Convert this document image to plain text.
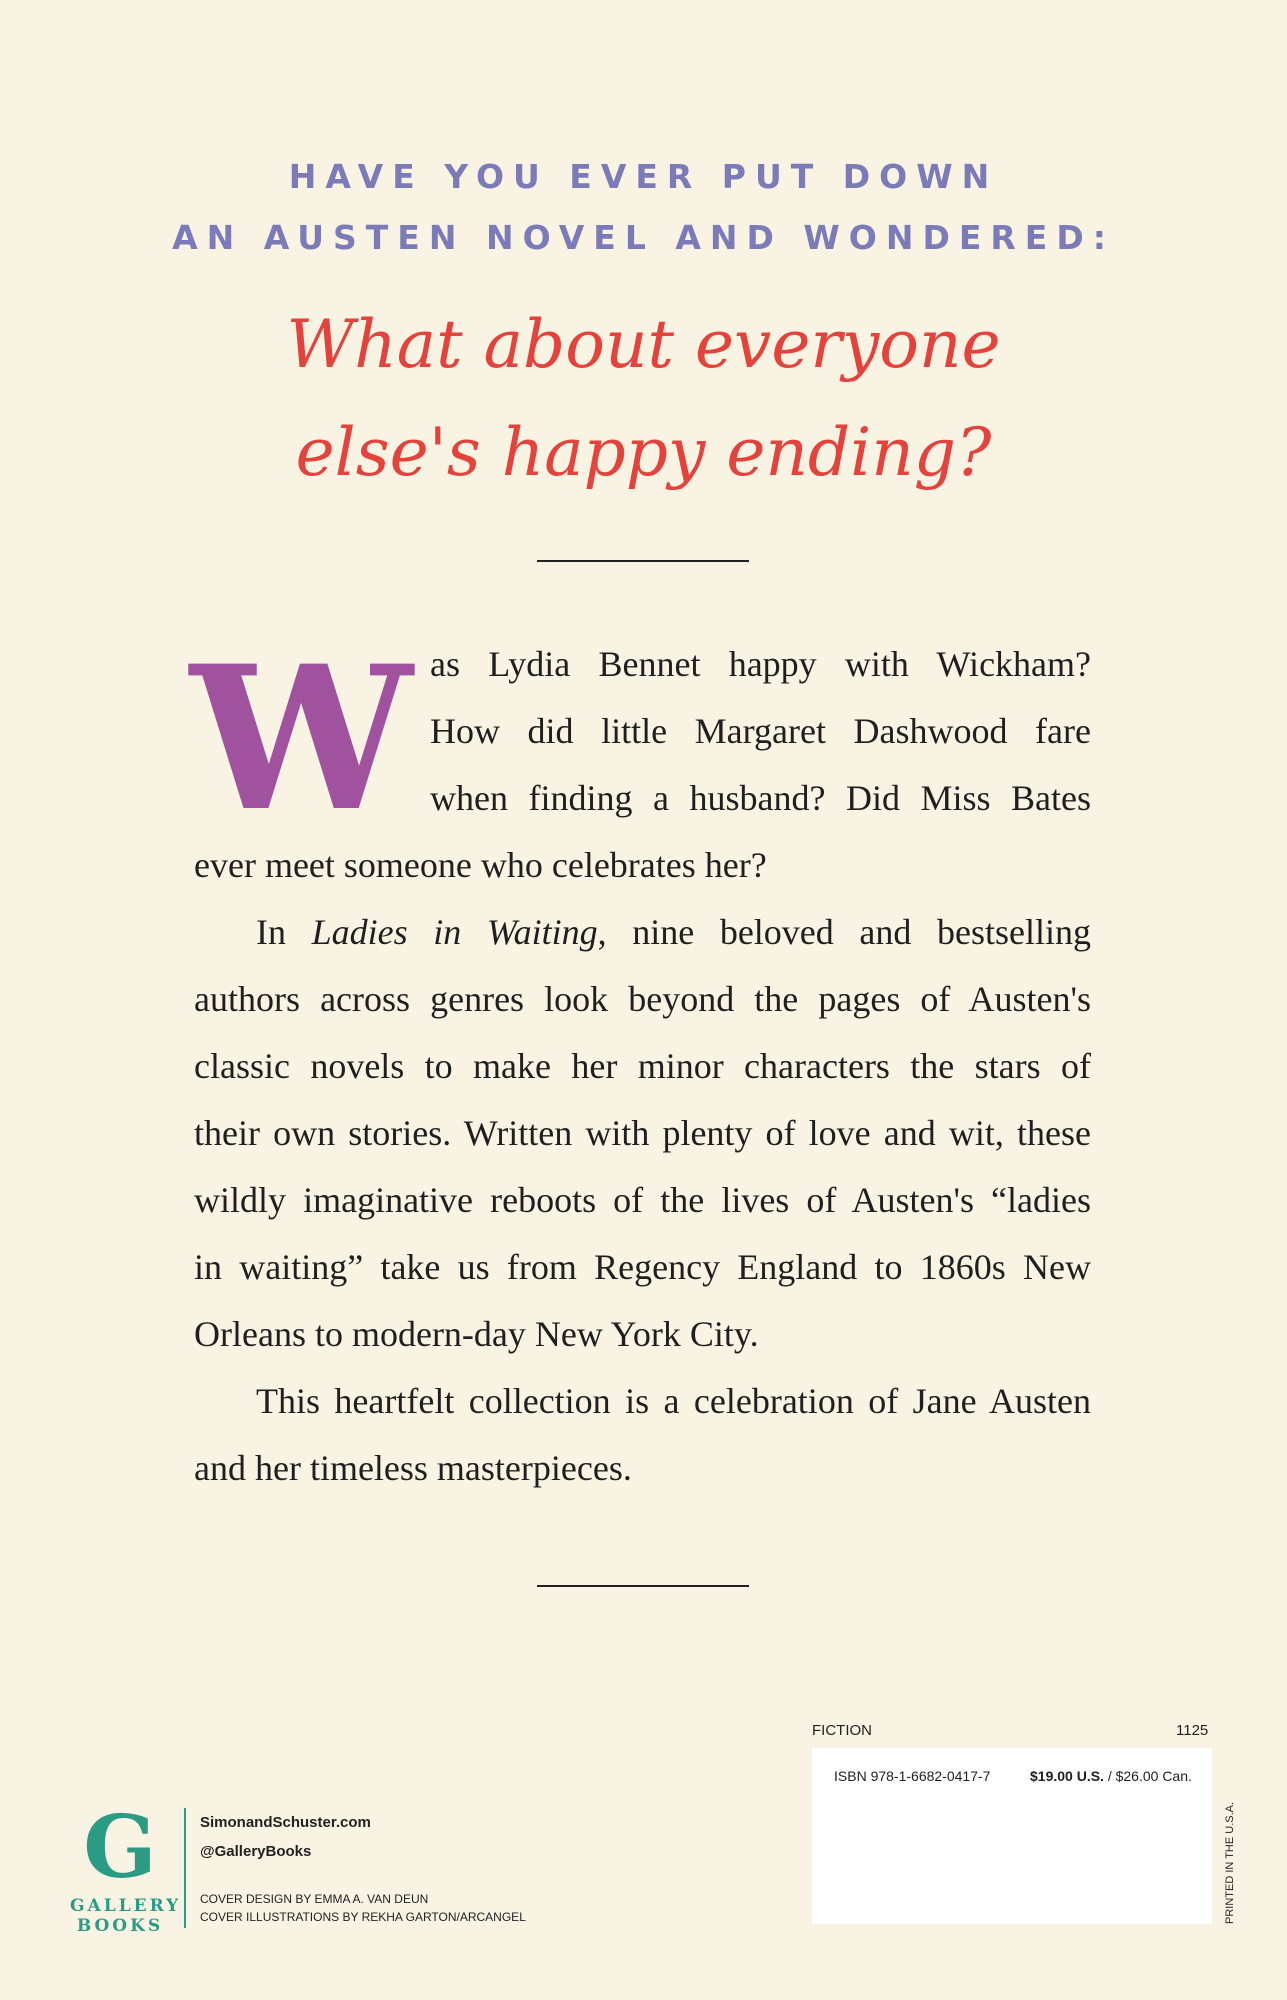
HAVE YOU EVER PUT DOWN
AN AUSTEN NOVEL AND WONDERED:
What about everyone
else's happy ending?
W as Lydia Bennet happy with Wickham?
How did little Margaret Dashwood fare
when finding a husband? Did Miss Bates
ever meet someone who celebrates her?
In Ladies in Waiting, nine beloved and bestselling
authors across genres look beyond the pages of Austen's
classic novels to make her minor characters the stars of
their own stories. Written with plenty of love and wit, these
wildly imaginative reboots of the lives of Austen's “ladies
in waiting” take us from Regency England to 1860s New
Orleans to modern-day New York City.
This heartfelt collection is a celebration of Jane Austen
and her timeless masterpieces.
G
GALLERY
BOOKS
SimonandSchuster.com
@GalleryBooks
COVER DESIGN BY EMMA A. VAN DEUN
COVER ILLUSTRATIONS BY REKHA GARTON/ARCANGEL
FICTION	1125
ISBN 978-1-6682-0417-7	$19.00 U.S. / $26.00 Can.
PRINTED IN THE U.S.A.
